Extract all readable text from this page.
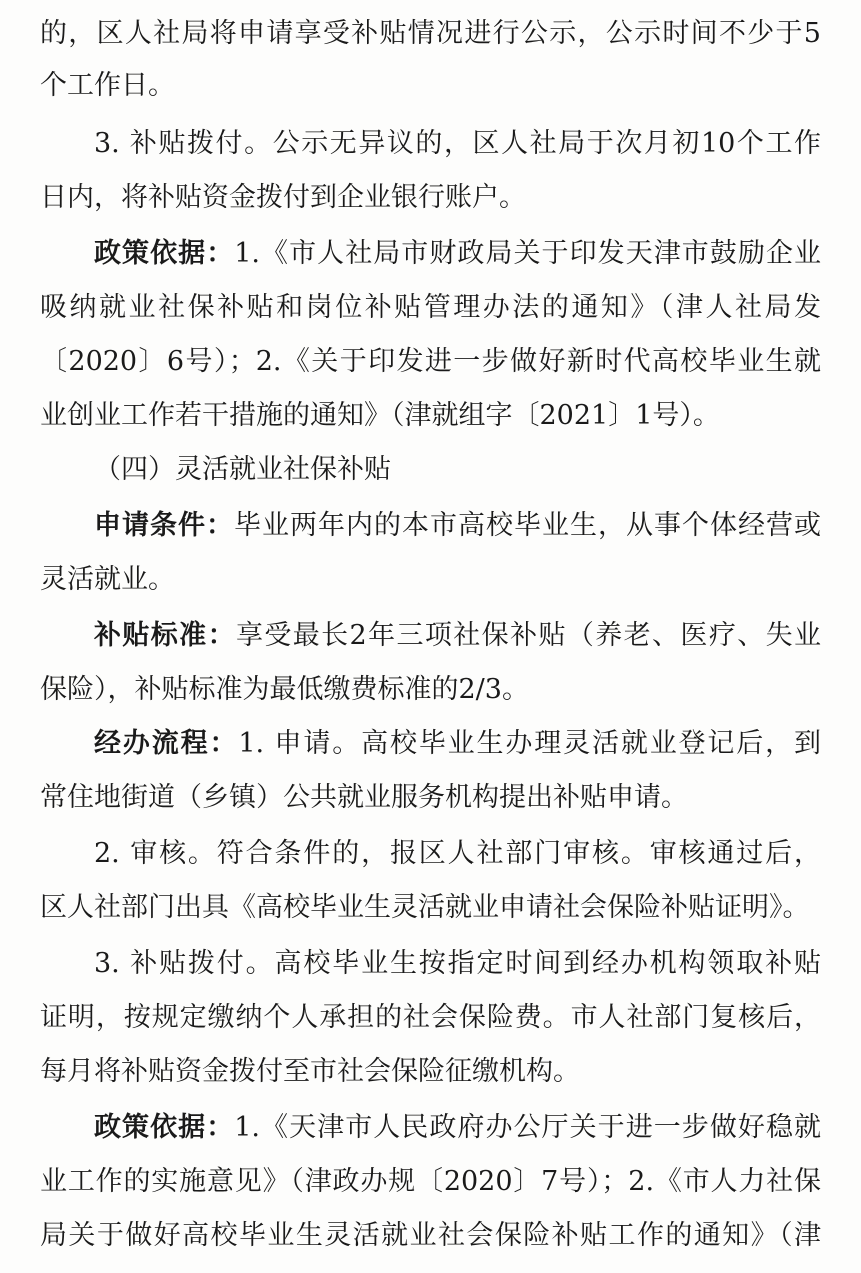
的，区人社局将申请享受补贴情况进行公示，公示时间不少于5
个工作日。
3. 补贴拨付。公示无异议的，区人社局于次月初10个工作
日内，将补贴资金拨付到企业银行账户。
政策依据：1.《市人社局市财政局关于印发天津市鼓励企业
吸纳就业社保补贴和岗位补贴管理办法的通知》（津人社局发
〔2020〕6号）；2.《关于印发进一步做好新时代高校毕业生就
业创业工作若干措施的通知》（津就组字〔2021〕1号）。
（四）灵活就业社保补贴
申请条件：毕业两年内的本市高校毕业生，从事个体经营或
灵活就业。
补贴标准：享受最长2年三项社保补贴（养老、医疗、失业
保险），补贴标准为最低缴费标准的2/3。
经办流程：1. 申请。高校毕业生办理灵活就业登记后，到
常住地街道（乡镇）公共就业服务机构提出补贴申请。
2. 审核。符合条件的，报区人社部门审核。审核通过后，
区人社部门出具《高校毕业生灵活就业申请社会保险补贴证明》。
3. 补贴拨付。高校毕业生按指定时间到经办机构领取补贴
证明，按规定缴纳个人承担的社会保险费。市人社部门复核后，
每月将补贴资金拨付至市社会保险征缴机构。
政策依据：1.《天津市人民政府办公厅关于进一步做好稳就
业工作的实施意见》（津政办规〔2020〕7号）；2.《市人力社保
局关于做好高校毕业生灵活就业社会保险补贴工作的通知》（津
